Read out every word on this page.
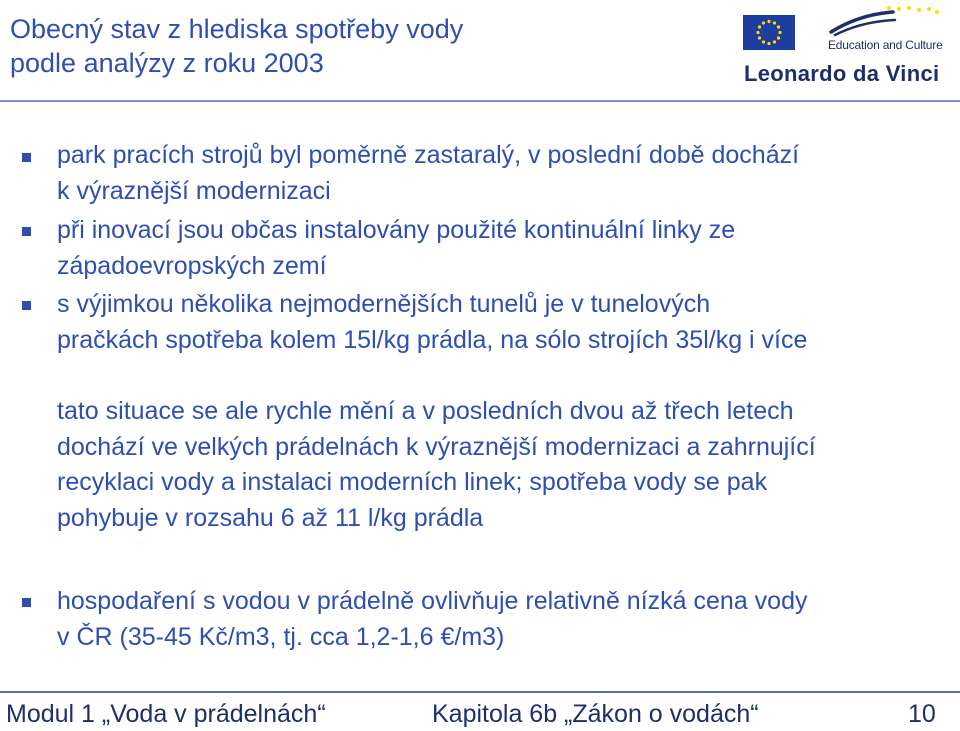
Obecný stav z hlediska spotřeby vody
podle analýzy z roku 2003
Education and Culture
Leonardo da Vinci
park pracích strojů byl poměrně zastaralý, v poslední době dochází
k výraznější modernizaci
při inovací jsou občas instalovány použité kontinuální linky ze
západoevropských zemí
s výjimkou několika nejmodernějších tunelů je v tunelových
pračkách spotřeba kolem 15l/kg prádla, na sólo strojích 35l/kg i více
tato situace se ale rychle mění a v posledních dvou až třech letech
dochází ve velkých prádelnách k výraznější modernizaci a zahrnující
recyklaci vody a instalaci moderních linek; spotřeba vody se pak
pohybuje v rozsahu 6 až 11 l/kg prádla
hospodaření s vodou v prádelně ovlivňuje relativně nízká cena vody
v ČR (35-45 Kč/m3, tj. cca 1,2-1,6 €/m3)
Modul 1 „Voda v prádelnách“	Kapitola 6b „Zákon o vodách“	10
